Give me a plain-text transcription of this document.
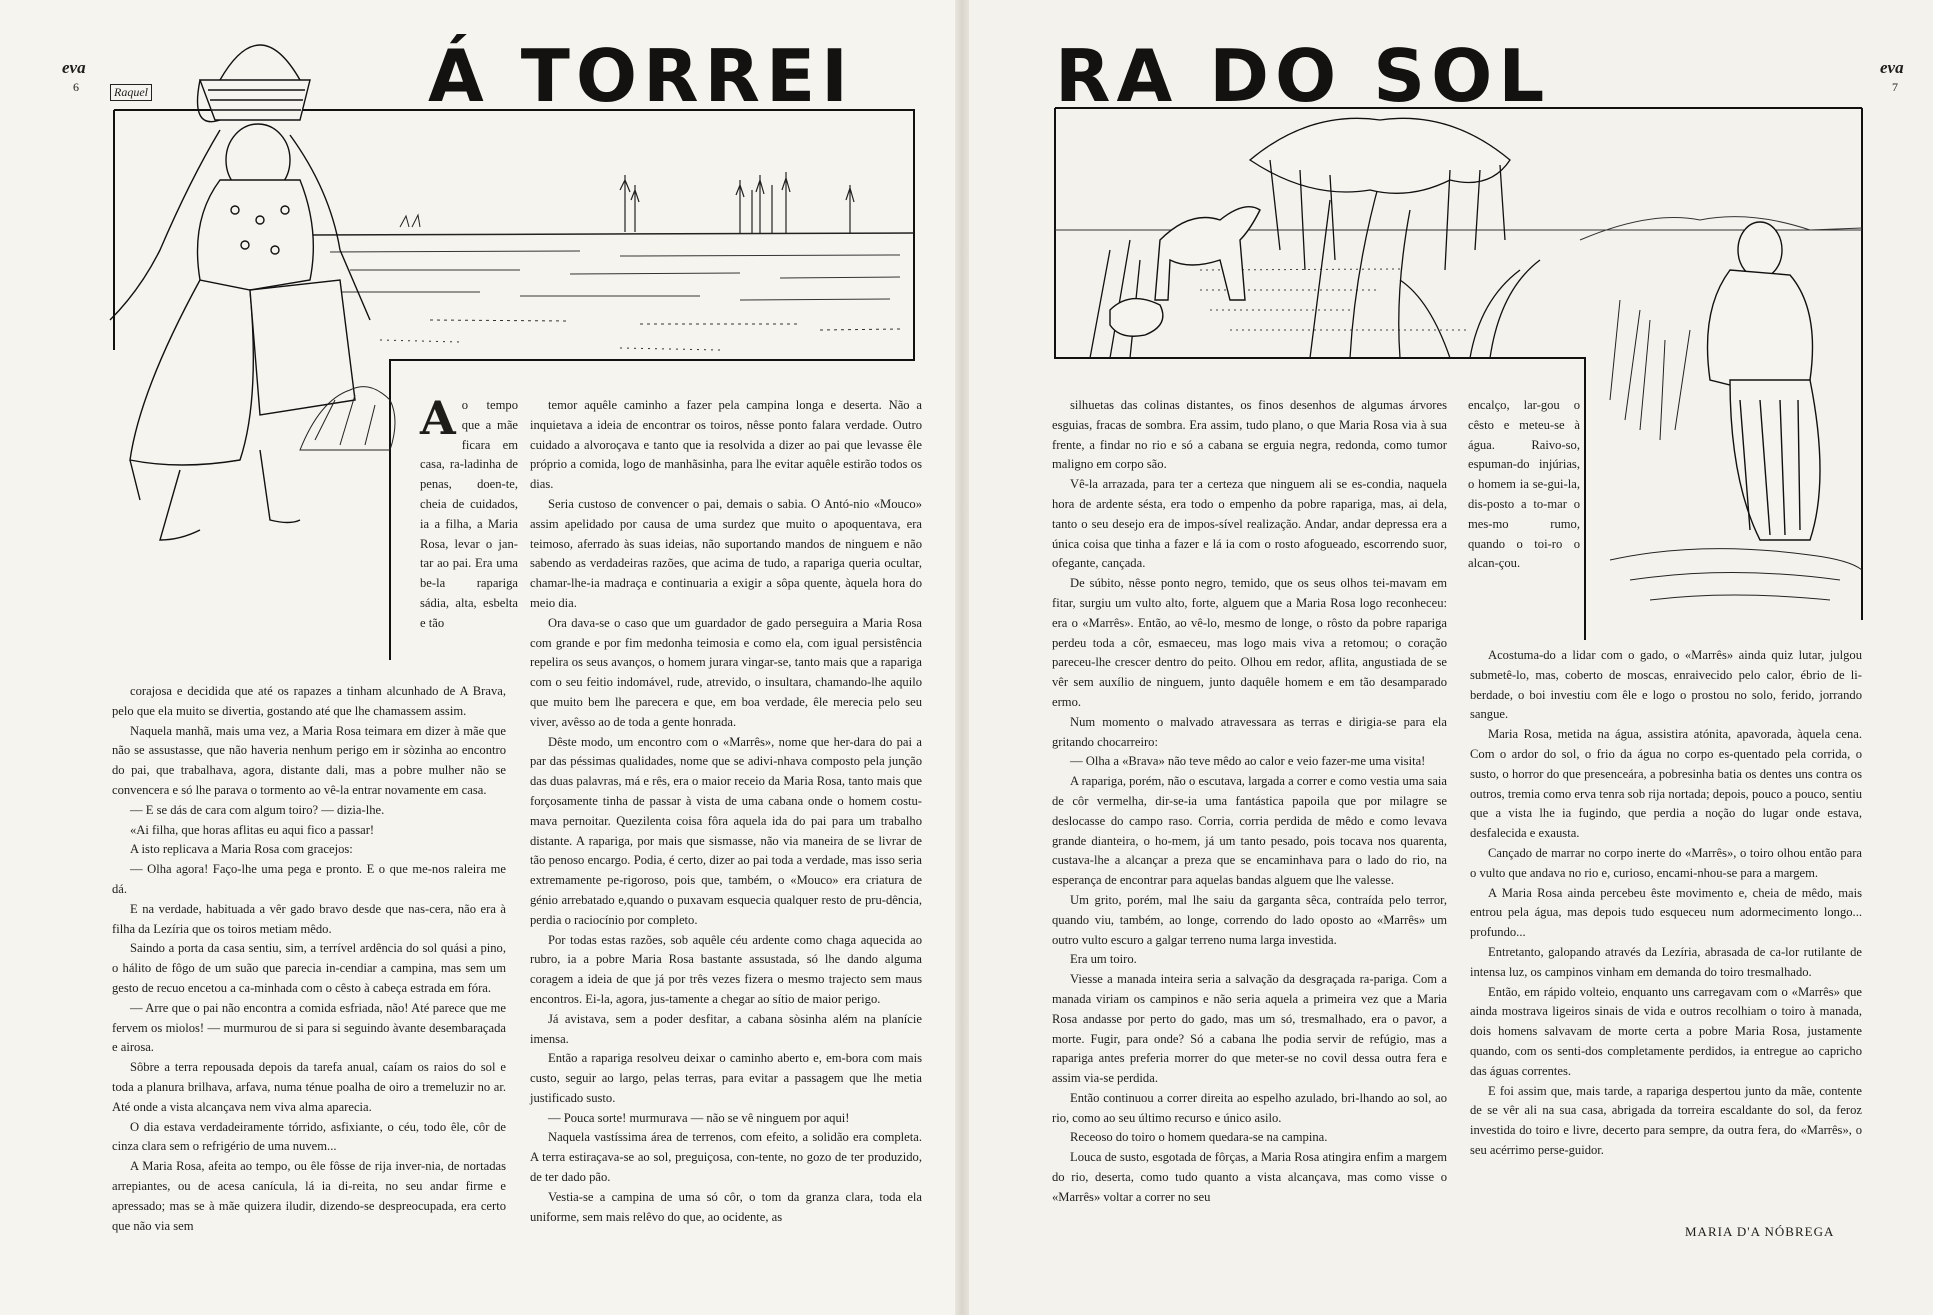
eva
6
eva
7
Á TORREI	RA DO SOL
Raquel

Ao tempo que a mãe ficara em casa, ra-ladinha de penas, doen-te, cheia de cuidados, ia a filha, a Maria Rosa, levar o jan-tar ao pai. Era uma be-la rapariga sádia, alta, esbelta e tão

corajosa e decidida que até os rapazes a tinham alcunhado de A Brava, pelo que ela muito se divertia, gostando até que lhe chamassem assim.

Naquela manhã, mais uma vez, a Maria Rosa teimara em dizer à mãe que não se assustasse, que não haveria nenhum perigo em ir sòzinha ao encontro do pai, que trabalhava, agora, distante dali, mas a pobre mulher não se convencera e só lhe parava o tormento ao vê-la entrar novamente em casa.

— E se dás de cara com algum toiro? — dizia-lhe.

«Ai filha, que horas aflitas eu aqui fico a passar!

A isto replicava a Maria Rosa com gracejos:

— Olha agora! Faço-lhe uma pega e pronto. E o que me-nos raleira me dá.

E na verdade, habituada a vêr gado bravo desde que nas-cera, não era à filha da Lezíria que os toiros metiam mêdo.

Saindo a porta da casa sentiu, sim, a terrível ardência do sol quási a pino, o hálito de fôgo de um suão que parecia in-cendiar a campina, mas sem um gesto de recuo encetou a ca-minhada com o cêsto à cabeça estrada em fóra.

— Arre que o pai não encontra a comida esfriada, não! Até parece que me fervem os miolos! — murmurou de si para si seguindo àvante desembaraçada e airosa.

Sôbre a terra repousada depois da tarefa anual, caíam os raios do sol e toda a planura brilhava, arfava, numa ténue poalha de oiro a tremeluzir no ar. Até onde a vista alcançava nem viva alma aparecia.

O dia estava verdadeiramente tórrido, asfixiante, o céu, todo êle, côr de cinza clara sem o refrigério de uma nuvem...

A Maria Rosa, afeita ao tempo, ou êle fôsse de rija inver-nia, de nortadas arrepiantes, ou de acesa canícula, lá ia di-reita, no seu andar firme e apressado; mas se à mãe quizera iludir, dizendo-se despreocupada, era certo que não via sem

temor aquêle caminho a fazer pela campina longa e deserta. Não a inquietava a ideia de encontrar os toiros, nêsse ponto falara verdade. Outro cuidado a alvoroçava e tanto que ia resolvida a dizer ao pai que levasse êle próprio a comida, logo de manhãsinha, para lhe evitar aquêle estirão todos os dias.

Seria custoso de convencer o pai, demais o sabia. O Antó-nio «Mouco» assim apelidado por causa de uma surdez que muito o apoquentava, era teimoso, aferrado às suas ideias, não suportando mandos de ninguem e não sabendo as verdadeiras razões, que acima de tudo, a rapariga queria ocultar, chamar-lhe-ia madraça e continuaria a exigir a sôpa quente, àquela hora do meio dia.

Ora dava-se o caso que um guardador de gado perseguira a Maria Rosa com grande e por fim medonha teimosia e como ela, com igual persistência repelira os seus avanços, o homem jurara vingar-se, tanto mais que a rapariga com o seu feitio indomável, rude, atrevido, o insultara, chamando-lhe aquilo que muito bem lhe parecera e que, em boa verdade, êle merecia pelo seu viver, avêsso ao de toda a gente honrada.

Dêste modo, um encontro com o «Marrês», nome que her-dara do pai a par das péssimas qualidades, nome que se adivi-nhava composto pela junção das duas palavras, má e rês, era o maior receio da Maria Rosa, tanto mais que forçosamente tinha de passar à vista de uma cabana onde o homem costu-mava pernoitar. Quezilenta coisa fôra aquela ida do pai para um trabalho distante. A rapariga, por mais que sismasse, não via maneira de se livrar de tão penoso encargo. Podia, é certo, dizer ao pai toda a verdade, mas isso seria extremamente pe-rigoroso, pois que, também, o «Mouco» era criatura de génio arrebatado e,quando o puxavam esquecia qualquer resto de pru-dência, perdia o raciocínio por completo.

Por todas estas razões, sob aquêle céu ardente como chaga aquecida ao rubro, ia a pobre Maria Rosa bastante assustada, só lhe dando alguma coragem a ideia de que já por três vezes fizera o mesmo trajecto sem maus encontros. Ei-la, agora, jus-tamente a chegar ao sítio de maior perigo.

Já avistava, sem a poder desfitar, a cabana sòsinha além na planície imensa.

Então a rapariga resolveu deixar o caminho aberto e, em-bora com mais custo, seguir ao largo, pelas terras, para evitar a passagem que lhe metia justificado susto.

— Pouca sorte! murmurava — não se vê ninguem por aqui!

Naquela vastíssima área de terrenos, com efeito, a solidão era completa. A terra estiraçava-se ao sol, preguiçosa, con-tente, no gozo de ter produzido, de ter dado pão.

Vestia-se a campina de uma só côr, o tom da granza clara, toda ela uniforme, sem mais relêvo do que, ao ocidente, as

silhuetas das colinas distantes, os finos desenhos de algumas árvores esguias, fracas de sombra. Era assim, tudo plano, o que Maria Rosa via à sua frente, a findar no rio e só a cabana se erguia negra, redonda, como tumor maligno em corpo são.

Vê-la arrazada, para ter a certeza que ninguem ali se es-condia, naquela hora de ardente sésta, era todo o empenho da pobre rapariga, mas, ai dela, tanto o seu desejo era de impos-sível realização. Andar, andar depressa era a única coisa que tinha a fazer e lá ia com o rosto afogueado, escorrendo suor, ofegante, cançada.

De súbito, nêsse ponto negro, temido, que os seus olhos tei-mavam em fitar, surgiu um vulto alto, forte, alguem que a Maria Rosa logo reconheceu: era o «Marrês». Então, ao vê-lo, mesmo de longe, o rôsto da pobre rapariga perdeu toda a côr, esmaeceu, mas logo mais viva a retomou; o coração pareceu-lhe crescer dentro do peito. Olhou em redor, aflita, angustiada de se vêr sem auxílio de ninguem, junto daquêle homem e em tão desamparado ermo.

Num momento o malvado atravessara as terras e dirigia-se para ela gritando chocarreiro:

— Olha a «Brava» não teve mêdo ao calor e veio fazer-me uma visita!

A rapariga, porém, não o escutava, largada a correr e como vestia uma saia de côr vermelha, dir-se-ia uma fantástica papoila que por milagre se deslocasse do campo raso. Corria, corria perdida de mêdo e como levava grande dianteira, o ho-mem, já um tanto pesado, pois tocava nos quarenta, custava-lhe a alcançar a preza que se encaminhava para o lado do rio, na esperança de encontrar para aquelas bandas alguem que lhe valesse.

Um grito, porém, mal lhe saiu da garganta sêca, contraída pelo terror, quando viu, também, ao longe, correndo do lado oposto ao «Marrês» um outro vulto escuro a galgar terreno numa larga investida.

Era um toiro.

Viesse a manada inteira seria a salvação da desgraçada ra-pariga. Com a manada viriam os campinos e não seria aquela a primeira vez que a Maria Rosa andasse por perto do gado, mas um só, tresmalhado, era o pavor, a morte. Fugir, para onde? Só a cabana lhe podia servir de refúgio, mas a rapariga antes preferia morrer do que meter-se no covil dessa outra fera e assim via-se perdida.

Então continuou a correr direita ao espelho azulado, bri-lhando ao sol, ao rio, como ao seu último recurso e único asilo.

Receoso do toiro o homem quedara-se na campina.

Louca de susto, esgotada de fôrças, a Maria Rosa atingira enfim a margem do rio, deserta, como tudo quanto a vista alcançava, mas como visse o «Marrês» voltar a correr no seu

encalço, lar-gou o cêsto e meteu-se à água. Raivo-so, espuman-do injúrias, o homem ia se-gui-la, dis-posto a to-mar o mes-mo rumo, quando o toi-ro o alcan-çou.

Acostuma-do a lidar com o gado, o «Marrês» ainda quiz lutar, julgou submetê-lo, mas, coberto de moscas, enraivecido pelo calor, ébrio de li-berdade, o boi investiu com êle e logo o prostou no solo, ferido, jorrando sangue.

Maria Rosa, metida na água, assistira atónita, apavorada, àquela cena. Com o ardor do sol, o frio da água no corpo es-quentado pela corrida, o susto, o horror do que presenceára, a pobresinha batia os dentes uns contra os outros, tremia como erva tenra sob rija nortada; depois, pouco a pouco, sentiu que a vista lhe ia fugindo, que perdia a noção do lugar onde estava, desfalecida e exausta.

Cançado de marrar no corpo inerte do «Marrês», o toiro olhou então para o vulto que andava no rio e, curioso, encami-nhou-se para a margem.

A Maria Rosa ainda percebeu êste movimento e, cheia de mêdo, mais entrou pela água, mas depois tudo esqueceu num adormecimento longo... profundo...

Entretanto, galopando através da Lezíria, abrasada de ca-lor rutilante de intensa luz, os campinos vinham em demanda do toiro tresmalhado.

Então, em rápido volteio, enquanto uns carregavam com o «Marrês» que ainda mostrava ligeiros sinais de vida e outros recolhiam o toiro à manada, dois homens salvavam de morte certa a pobre Maria Rosa, justamente quando, com os senti-dos completamente perdidos, ia entregue ao capricho das águas correntes.

E foi assim que, mais tarde, a rapariga despertou junto da mãe, contente de se vêr ali na sua casa, abrigada da torreira escaldante do sol, da feroz investida do toiro e livre, decerto para sempre, da outra fera, do «Marrês», o seu acérrimo perse-guidor.

MARIA D'A NÓBREGA
